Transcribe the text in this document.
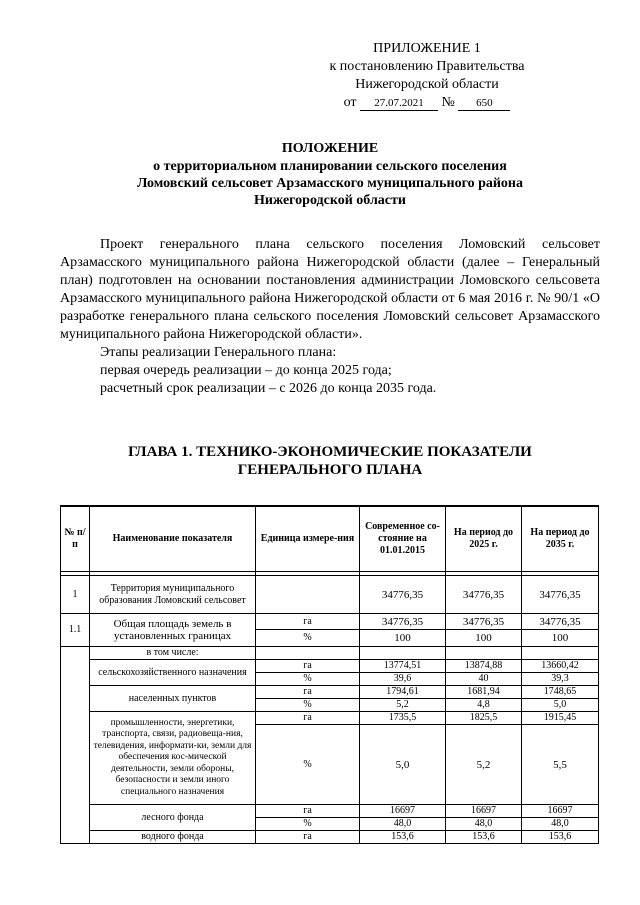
ПРИЛОЖЕНИЕ 1
к постановлению Правительства
Нижегородской области
от 27.07.2021 № 650
ПОЛОЖЕНИЕ
о территориальном планировании сельского поселения
Ломовский сельсовет Арзамасского муниципального района
Нижегородской области

Проект генерального плана сельского поселения Ломовский сельсовет Арзамасского муниципального района Нижегородской области (далее – Генеральный план) подготовлен на основании постановления администрации Ломовского сельсовета Арзамасского муниципального района Нижегородской области от 6 мая 2016 г. № 90/1 «О разработке генерального плана сельского поселения Ломовский сельсовет Арзамасского муниципального района Нижегородской области».

Этапы реализации Генерального плана:

первая очередь реализации – до конца 2025 года;

расчетный срок реализации – с 2026 до конца 2035 года.

ГЛАВА 1. ТЕХНИКО-ЭКОНОМИЧЕСКИЕ ПОКАЗАТЕЛИ
ГЕНЕРАЛЬНОГО ПЛАНА
№ п/п	Наименование показателя	Единица измере-ния	Современное со-стояние на 01.01.2015	На период до 2025 г.	На период до 2035 г.

1	Территория муниципального образования Ломовский сельсовет		34776,35	34776,35	34776,35
1.1	Общая площадь земель в установленных границах	га	34776,35	34776,35	34776,35
		%	100	100	100
	в том числе:				
	сельскохозяйственного назначения	га	13774,51	13874,88	13660,42
		%	39,6	40	39,3
	населенных пунктов	га	1794,61	1681,94	1748,65
		%	5,2	4,8	5,0
	промышленности, энергетики, транспорта, связи, радиовеща-ния, телевидения, информати-ки, земли для обеспечения кос-мической деятельности, земли обороны, безопасности и земли иного специального назначения	га	1735,5	1825,5	1915,45
		%	5,0	5,2	5,5
	лесного фонда	га	16697	16697	16697
		%	48,0	48,0	48,0
	водного фонда	га	153,6	153,6	153,6
